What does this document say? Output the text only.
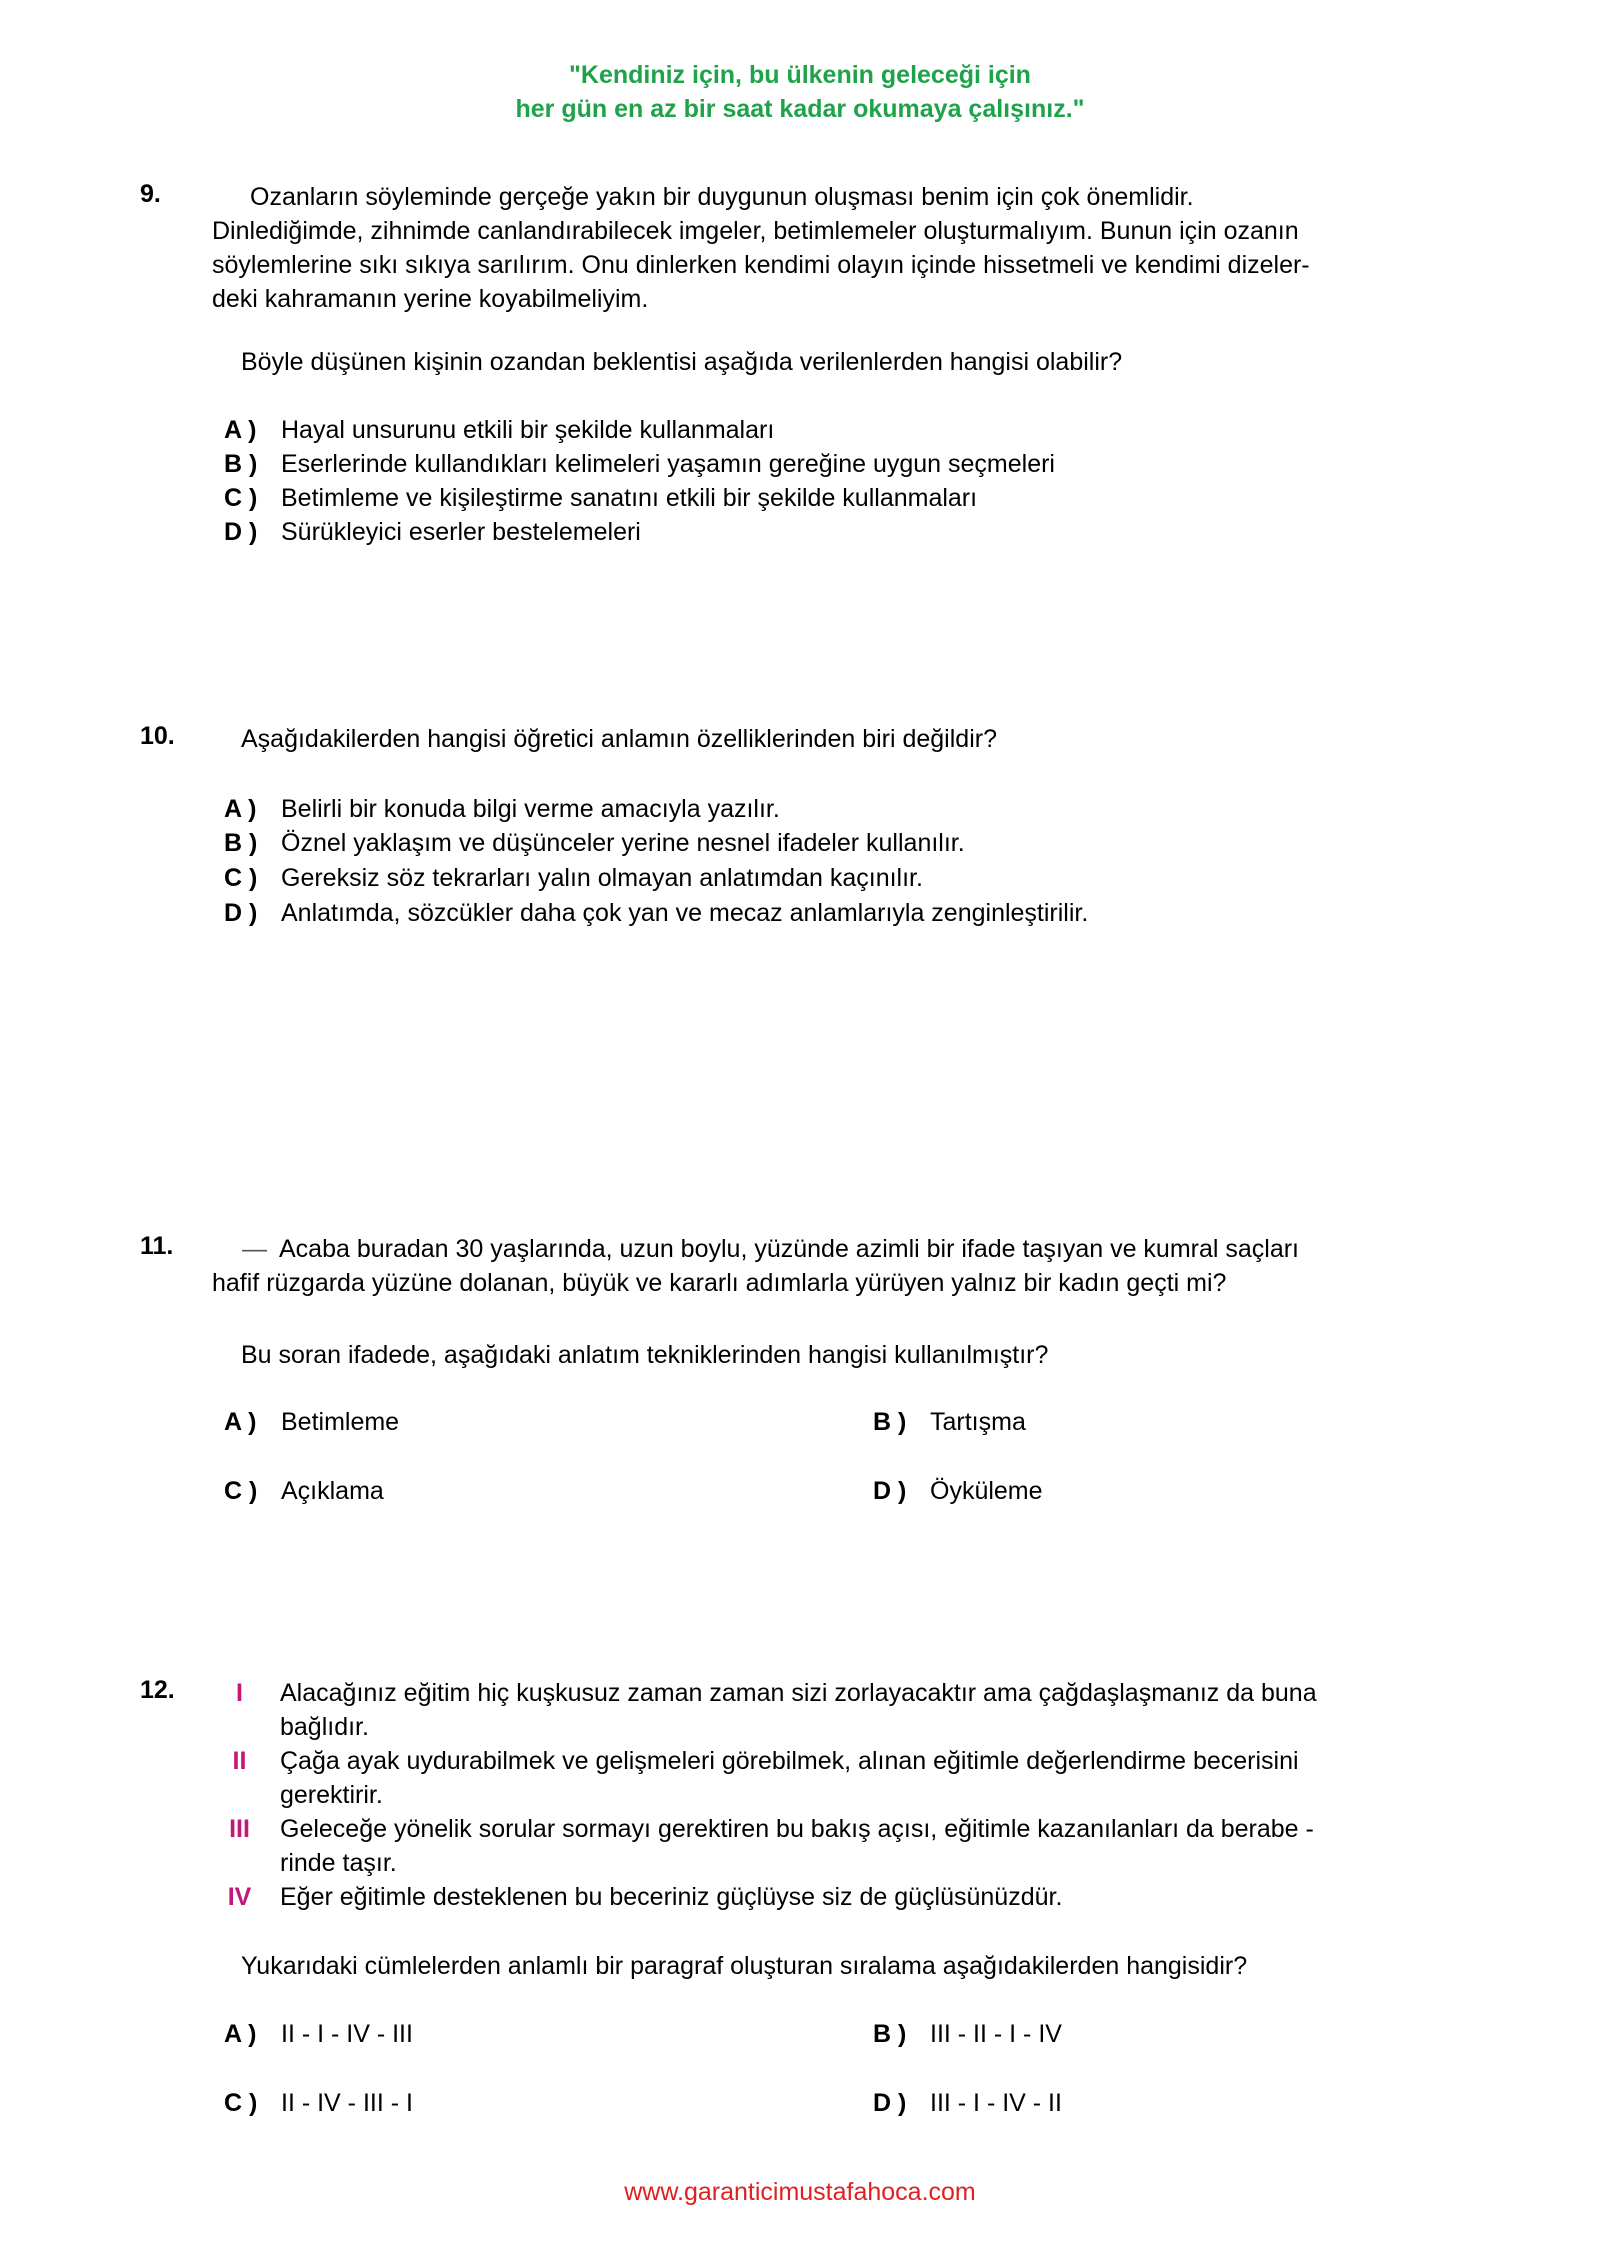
"Kendiniz için, bu ülkenin geleceği için
her gün en az bir saat kadar okumaya çalışınız."
9.	Ozanların söyleminde gerçeğe yakın bir duygunun oluşması benim için çok önemlidir.
Dinlediğimde, zihnimde canlandırabilecek imgeler, betimlemeler oluşturmalıyım. Bunun için ozanın
söylemlerine sıkı sıkıya sarılırım. Onu dinlerken kendimi olayın içinde hissetmeli ve kendimi dizeler-
deki kahramanın yerine koyabilmeliyim.
Böyle düşünen kişinin ozandan beklentisi aşağıda verilenlerden hangisi olabilir?
A ) Hayal unsurunu etkili bir şekilde kullanmaları
B ) Eserlerinde kullandıkları kelimeleri yaşamın gereğine uygun seçmeleri
C ) Betimleme ve kişileştirme sanatını etkili bir şekilde kullanmaları
D ) Sürükleyici eserler bestelemeleri
10.	Aşağıdakilerden hangisi öğretici anlamın özelliklerinden biri değildir?
A ) Belirli bir konuda bilgi verme amacıyla yazılır.
B ) Öznel yaklaşım ve düşünceler yerine nesnel ifadeler kullanılır.
C ) Gereksiz söz tekrarları yalın olmayan anlatımdan kaçınılır.
D ) Anlatımda, sözcükler daha çok yan ve mecaz anlamlarıyla zenginleştirilir.
11.	— Acaba buradan 30 yaşlarında, uzun boylu, yüzünde azimli bir ifade taşıyan ve kumral saçları
hafif rüzgarda yüzüne dolanan, büyük ve kararlı adımlarla yürüyen yalnız bir kadın geçti mi?
Bu soran ifadede, aşağıdaki anlatım tekniklerinden hangisi kullanılmıştır?
A ) Betimleme	B ) Tartışma
C ) Açıklama	D ) Öyküleme
12.	I	Alacağınız eğitim hiç kuşkusuz zaman zaman sizi zorlayacaktır ama çağdaşlaşmanız da buna
bağlıdır.
II	Çağa ayak uydurabilmek ve gelişmeleri görebilmek, alınan eğitimle değerlendirme becerisini
gerektirir.
III	Geleceğe yönelik sorular sormayı gerektiren bu bakış açısı, eğitimle kazanılanları da berabe -
rinde taşır.
IV	Eğer eğitimle desteklenen bu beceriniz güçlüyse siz de güçlüsünüzdür.
Yukarıdaki cümlelerden anlamlı bir paragraf oluşturan sıralama aşağıdakilerden hangisidir?
A ) II - I - IV - III	B ) III - II - I - IV
C ) II - IV - III - I	D ) III - I - IV - II
www.garanticimustafahoca.com
